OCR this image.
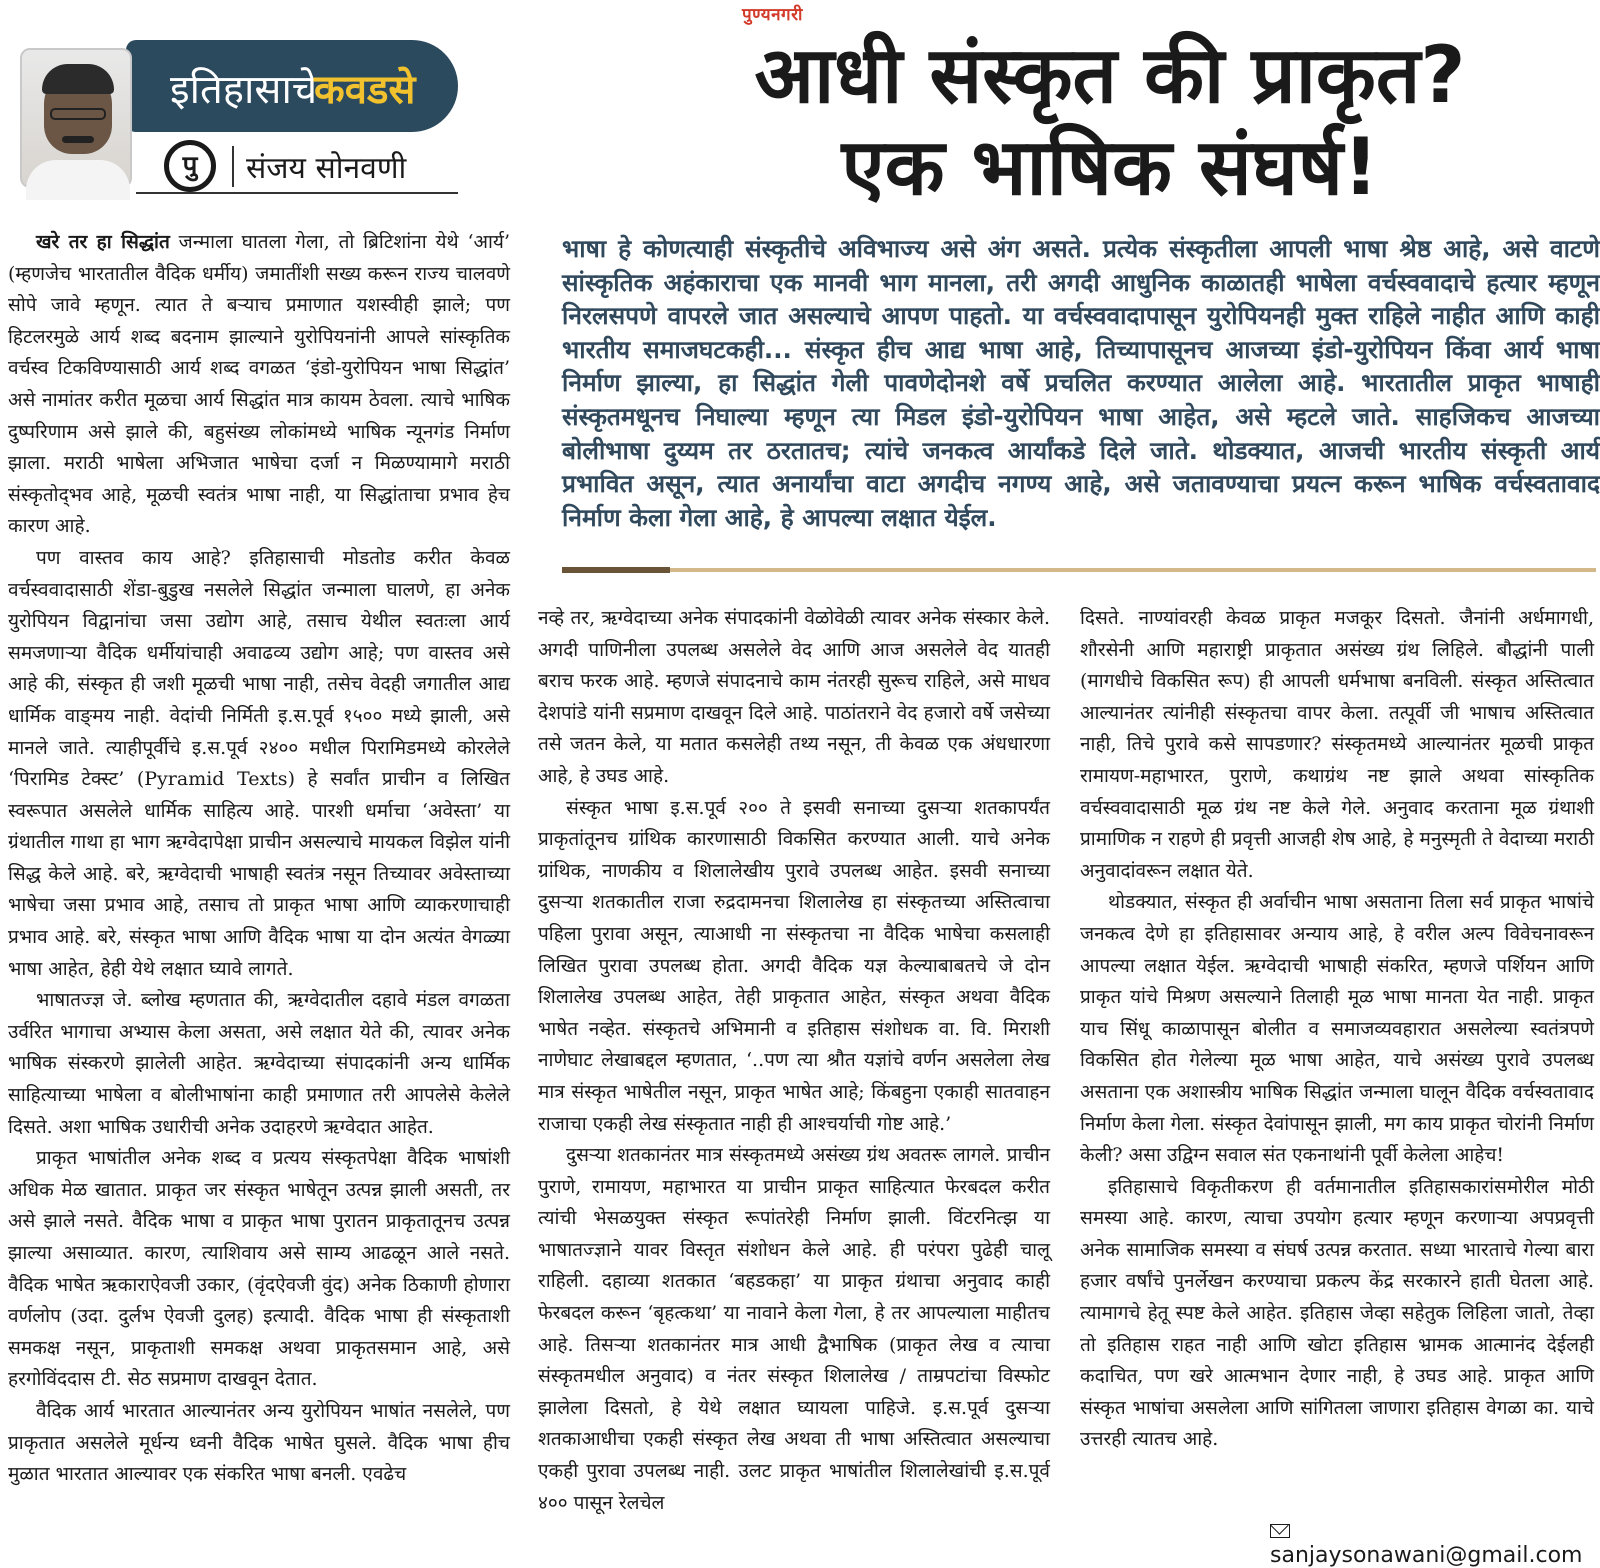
पुण्यनगरी
इतिहासाचे
कवडसे
पु	संजय सोनवणी
आधी संस्कृत की प्राकृत?
एक भाषिक संघर्ष!

भाषा हे कोणत्याही संस्कृतीचे अविभाज्य असे अंग असते. प्रत्येक संस्कृतीला आपली भाषा श्रेष्ठ आहे, असे वाटणे सांस्कृतिक अहंकाराचा एक मानवी भाग मानला, तरी अगदी आधुनिक काळातही भाषेला वर्चस्ववादाचे हत्यार म्हणून निरलसपणे वापरले जात असल्याचे आपण पाहतो. या वर्चस्ववादापासून युरोपियनही मुक्त राहिले नाहीत आणि काही भारतीय समाजघटकही... संस्कृत हीच आद्य भाषा आहे, तिच्यापासूनच आजच्या इंडो-युरोपियन किंवा आर्य भाषा निर्माण झाल्या, हा सिद्धांत गेली पावणेदोनशे वर्षे प्रचलित करण्यात आलेला आहे. भारतातील प्राकृत भाषाही संस्कृतमधूनच निघाल्या म्हणून त्या मिडल इंडो-युरोपियन भाषा आहेत, असे म्हटले जाते. साहजिकच आजच्या बोलीभाषा दुय्यम तर ठरतातच; त्यांचे जनकत्व आर्यांकडे दिले जाते. थोडक्यात, आजची भारतीय संस्कृती आर्य प्रभावित असून, त्यात अनार्यांचा वाटा अगदीच नगण्य आहे, असे जतावण्याचा प्रयत्न करून भाषिक वर्चस्वतावाद निर्माण केला गेला आहे, हे आपल्या लक्षात येईल.

खरे तर हा सिद्धांत जन्माला घातला गेला, तो ब्रिटिशांना येथे ‘आर्य’ (म्हणजेच भारतातील वैदिक धर्मीय) जमातींशी सख्य करून राज्य चालवणे सोपे जावे म्हणून. त्यात ते बऱ्याच प्रमाणात यशस्वीही झाले; पण हिटलरमुळे आर्य शब्द बदनाम झाल्याने युरोपियनांनी आपले सांस्कृतिक वर्चस्व टिकविण्यासाठी आर्य शब्द वगळत ‘इंडो-युरोपियन भाषा सिद्धांत’ असे नामांतर करीत मूळचा आर्य सिद्धांत मात्र कायम ठेवला. त्याचे भाषिक दुष्परिणाम असे झाले की, बहुसंख्य लोकांमध्ये भाषिक न्यूनगंड निर्माण झाला. मराठी भाषेला अभिजात भाषेचा दर्जा न मिळण्यामागे मराठी संस्कृतोद्‌भव आहे, मूळची स्वतंत्र भाषा नाही, या सिद्धांताचा प्रभाव हेच कारण आहे.

पण वास्तव काय आहे? इतिहासाची मोडतोड करीत केवळ वर्चस्ववादासाठी शेंडा-बुडुख नसलेले सिद्धांत जन्माला घालणे, हा अनेक युरोपियन विद्वानांचा जसा उद्योग आहे, तसाच येथील स्वतःला आर्य समजणाऱ्या वैदिक धर्मीयांचाही अवाढव्य उद्योग आहे; पण वास्तव असे आहे की, संस्कृत ही जशी मूळची भाषा नाही, तसेच वेदही जगातील आद्य धार्मिक वाङ्‌मय नाही. वेदांची निर्मिती इ.स.पूर्व १५०० मध्ये झाली, असे मानले जाते. त्याहीपूर्वीचे इ.स.पूर्व २४०० मधील पिरामिडमध्ये कोरलेले ‘पिरामिड टेक्स्ट’ (Pyramid Texts) हे सर्वांत प्राचीन व लिखित स्वरूपात असलेले धार्मिक साहित्य आहे. पारशी धर्माचा ‘अवेस्ता’ या ग्रंथातील गाथा हा भाग ऋग्वेदापेक्षा प्राचीन असल्याचे मायकल विझेल यांनी सिद्ध केले आहे. बरे, ऋग्वेदाची भाषाही स्वतंत्र नसून तिच्यावर अवेस्ताच्या भाषेचा जसा प्रभाव आहे, तसाच तो प्राकृत भाषा आणि व्याकरणाचाही प्रभाव आहे. बरे, संस्कृत भाषा आणि वैदिक भाषा या दोन अत्यंत वेगळ्या भाषा आहेत, हेही येथे लक्षात घ्यावे लागते.

भाषातज्ज्ञ जे. ब्लोख म्हणतात की, ऋग्वेदातील दहावे मंडल वगळता उर्वरित भागाचा अभ्यास केला असता, असे लक्षात येते की, त्यावर अनेक भाषिक संस्करणे झालेली आहेत. ऋग्वेदाच्या संपादकांनी अन्य धार्मिक साहित्याच्या भाषेला व बोलीभाषांना काही प्रमाणात तरी आपलेसे केलेले दिसते. अशा भाषिक उधारीची अनेक उदाहरणे ऋग्वेदात आहेत.

प्राकृत भाषांतील अनेक शब्द व प्रत्यय संस्कृतपेक्षा वैदिक भाषांशी अधिक मेळ खातात. प्राकृत जर संस्कृत भाषेतून उत्पन्न झाली असती, तर असे झाले नसते. वैदिक भाषा व प्राकृत भाषा पुरातन प्राकृतातूनच उत्पन्न झाल्या असाव्यात. कारण, त्याशिवाय असे साम्य आढळून आले नसते. वैदिक भाषेत ऋकाराऐवजी उकार, (वृंदऐवजी वुंद) अनेक ठिकाणी होणारा वर्णलोप (उदा. दुर्लभ ऐवजी दुलह) इत्यादी. वैदिक भाषा ही संस्कृताशी समकक्ष नसून, प्राकृताशी समकक्ष अथवा प्राकृतसमान आहे, असे हरगोविंददास टी. सेठ सप्रमाण दाखवून देतात.

वैदिक आर्य भारतात आल्यानंतर अन्य युरोपियन भाषांत नसलेले, पण प्राकृतात असलेले मूर्धन्य ध्वनी वैदिक भाषेत घुसले. वैदिक भाषा हीच मुळात भारतात आल्यावर एक संकरित भाषा बनली. एवढेच

नव्हे तर, ऋग्वेदाच्या अनेक संपादकांनी वेळोवेळी त्यावर अनेक संस्कार केले. अगदी पाणिनीला उपलब्ध असलेले वेद आणि आज असलेले वेद यातही बराच फरक आहे. म्हणजे संपादनाचे काम नंतरही सुरूच राहिले, असे माधव देशपांडे यांनी सप्रमाण दाखवून दिले आहे. पाठांतराने वेद हजारो वर्षे जसेच्या तसे जतन केले, या मतात कसलेही तथ्य नसून, ती केवळ एक अंधधारणा आहे, हे उघड आहे.

संस्कृत भाषा इ.स.पूर्व २०० ते इसवी सनाच्या दुसऱ्या शतकापर्यंत प्राकृतांतूनच ग्रांथिक कारणासाठी विकसित करण्यात आली. याचे अनेक ग्रांथिक, नाणकीय व शिलालेखीय पुरावे उपलब्ध आहेत. इसवी सनाच्या दुसऱ्या शतकातील राजा रुद्रदामनचा शिलालेख हा संस्कृतच्या अस्तित्वाचा पहिला पुरावा असून, त्याआधी ना संस्कृतचा ना वैदिक भाषेचा कसलाही लिखित पुरावा उपलब्ध होता. अगदी वैदिक यज्ञ केल्याबाबतचे जे दोन शिलालेख उपलब्ध आहेत, तेही प्राकृतात आहेत, संस्कृत अथवा वैदिक भाषेत नव्हेत. संस्कृतचे अभिमानी व इतिहास संशोधक वा. वि. मिराशी नाणेघाट लेखाबद्दल म्हणतात, ‘..पण त्या श्रौत यज्ञांचे वर्णन असलेला लेख मात्र संस्कृत भाषेतील नसून, प्राकृत भाषेत आहे; किंबहुना एकाही सातवाहन राजाचा एकही लेख संस्कृतात नाही ही आश्चर्याची गोष्ट आहे.’

दुसऱ्या शतकानंतर मात्र संस्कृतमध्ये असंख्य ग्रंथ अवतरू लागले. प्राचीन पुराणे, रामायण, महाभारत या प्राचीन प्राकृत साहित्यात फेरबदल करीत त्यांची भेसळयुक्त संस्कृत रूपांतरेही निर्माण झाली. विंटरनित्झ या भाषातज्ज्ञाने यावर विस्तृत संशोधन केले आहे. ही परंपरा पुढेही चालू राहिली. दहाव्या शतकात ‘बहडकहा’ या प्राकृत ग्रंथाचा अनुवाद काही फेरबदल करून ‘बृहत्कथा’ या नावाने केला गेला, हे तर आपल्याला माहीतच आहे. तिसऱ्या शतकानंतर मात्र आधी द्वैभाषिक (प्राकृत लेख व त्याचा संस्कृतमधील अनुवाद) व नंतर संस्कृत शिलालेख / ताम्रपटांचा विस्फोट झालेला दिसतो, हे येथे लक्षात घ्यायला पाहिजे. इ.स.पूर्व दुसऱ्या शतकाआधीचा एकही संस्कृत लेख अथवा ती भाषा अस्तित्वात असल्याचा एकही पुरावा उपलब्ध नाही. उलट प्राकृत भाषांतील शिलालेखांची इ.स.पूर्व ४०० पासून रेलचेल

दिसते. नाण्यांवरही केवळ प्राकृत मजकूर दिसतो. जैनांनी अर्धमागधी, शौरसेनी आणि महाराष्ट्री प्राकृतात असंख्य ग्रंथ लिहिले. बौद्धांनी पाली (मागधीचे विकसित रूप) ही आपली धर्मभाषा बनविली. संस्कृत अस्तित्वात आल्यानंतर त्यांनीही संस्कृतचा वापर केला. तत्पूर्वी जी भाषाच अस्तित्वात नाही, तिचे पुरावे कसे सापडणार? संस्कृतमध्ये आल्यानंतर मूळची प्राकृत रामायण-महाभारत, पुराणे, कथाग्रंथ नष्ट झाले अथवा सांस्कृतिक वर्चस्ववादासाठी मूळ ग्रंथ नष्ट केले गेले. अनुवाद करताना मूळ ग्रंथाशी प्रामाणिक न राहणे ही प्रवृत्ती आजही शेष आहे, हे मनुस्मृती ते वेदाच्या मराठी अनुवादांवरून लक्षात येते.

थोडक्यात, संस्कृत ही अर्वाचीन भाषा असताना तिला सर्व प्राकृत भाषांचे जनकत्व देणे हा इतिहासावर अन्याय आहे, हे वरील अल्प विवेचनावरून आपल्या लक्षात येईल. ऋग्वेदाची भाषाही संकरित, म्हणजे पर्शियन आणि प्राकृत यांचे मिश्रण असल्याने तिलाही मूळ भाषा मानता येत नाही. प्राकृत याच सिंधू काळापासून बोलीत व समाजव्यवहारात असलेल्या स्वतंत्रपणे विकसित होत गेलेल्या मूळ भाषा आहेत, याचे असंख्य पुरावे उपलब्ध असताना एक अशास्त्रीय भाषिक सिद्धांत जन्माला घालून वैदिक वर्चस्वतावाद निर्माण केला गेला. संस्कृत देवांपासून झाली, मग काय प्राकृत चोरांनी निर्माण केली? असा उद्विग्न सवाल संत एकनाथांनी पूर्वी केलेला आहेच!

इतिहासाचे विकृतीकरण ही वर्तमानातील इतिहासकारांसमोरील मोठी समस्या आहे. कारण, त्याचा उपयोग हत्यार म्हणून करणाऱ्या अपप्रवृत्ती अनेक सामाजिक समस्या व संघर्ष उत्पन्न करतात. सध्या भारताचे गेल्या बारा हजार वर्षांचे पुनर्लेखन करण्याचा प्रकल्प केंद्र सरकारने हाती घेतला आहे. त्यामागचे हेतू स्पष्ट केले आहेत. इतिहास जेव्हा सहेतुक लिहिला जातो, तेव्हा तो इतिहास राहत नाही आणि खोटा इतिहास भ्रामक आत्मानंद देईलही कदाचित, पण खरे आत्मभान देणार नाही, हे उघड आहे. प्राकृत आणि संस्कृत भाषांचा असलेला आणि सांगितला जाणारा इतिहास वेगळा का. याचे उत्तरही त्यातच आहे.

sanjaysonawani@gmail.com
